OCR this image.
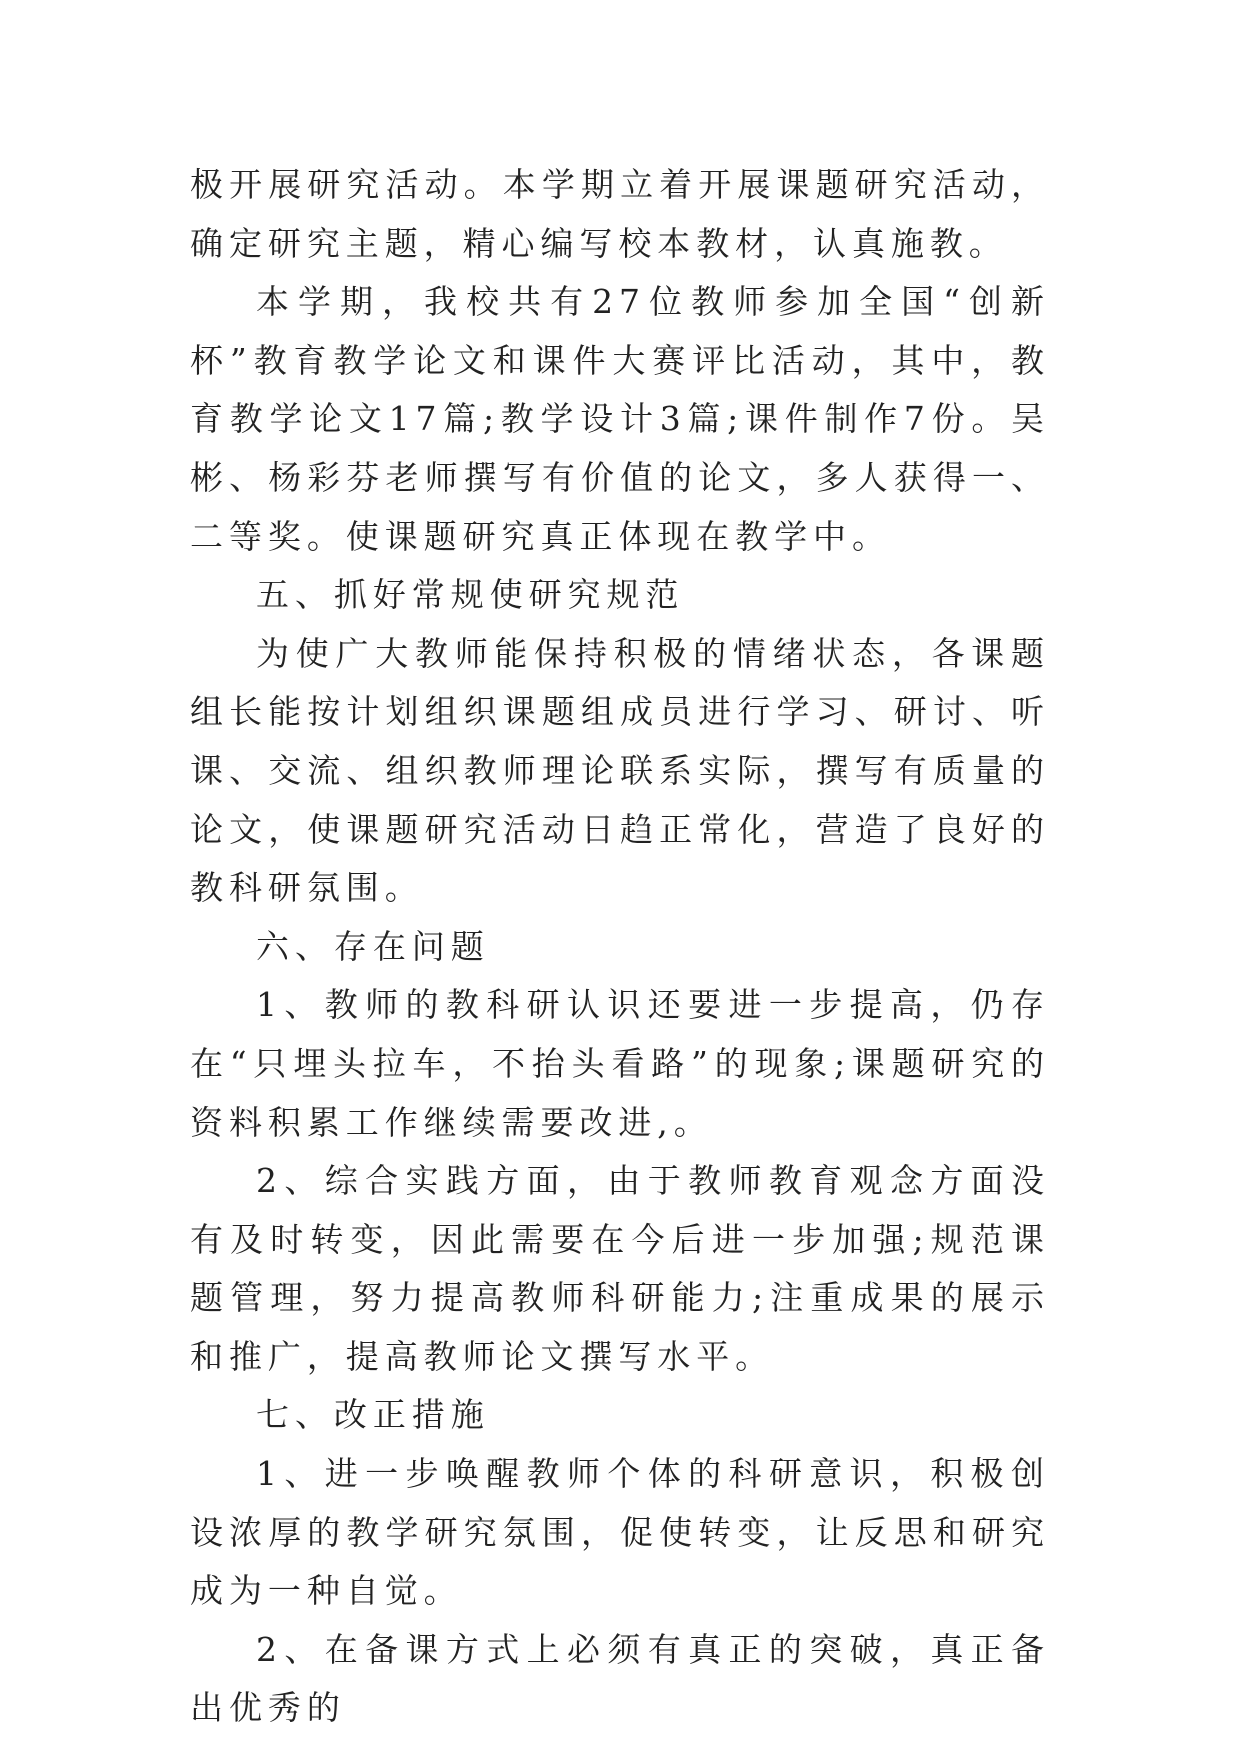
极开展研究活动。本学期立着开展课题研究活动，确定研究主题，精心编写校本教材，认真施教。

本学期，我校共有27位教师参加全国“创新杯”教育教学论文和课件大赛评比活动，其中，教育教学论文17篇;教学设计3篇;课件制作7份。吴彬、杨彩芬老师撰写有价值的论文，多人获得一、二等奖。使课题研究真正体现在教学中。

五、抓好常规使研究规范

为使广大教师能保持积极的情绪状态，各课题组长能按计划组织课题组成员进行学习、研讨、听课、交流、组织教师理论联系实际，撰写有质量的论文，使课题研究活动日趋正常化，营造了良好的教科研氛围。

六、存在问题

1、教师的教科研认识还要进一步提高，仍存在“只埋头拉车，不抬头看路”的现象;课题研究的资料积累工作继续需要改进,。

2、综合实践方面，由于教师教育观念方面没有及时转变，因此需要在今后进一步加强;规范课题管理，努力提高教师科研能力;注重成果的展示和推广，提高教师论文撰写水平。

七、改正措施

1、进一步唤醒教师个体的科研意识，积极创设浓厚的教学研究氛围，促使转变，让反思和研究成为一种自觉。

2、在备课方式上必须有真正的突破，真正备出优秀的
